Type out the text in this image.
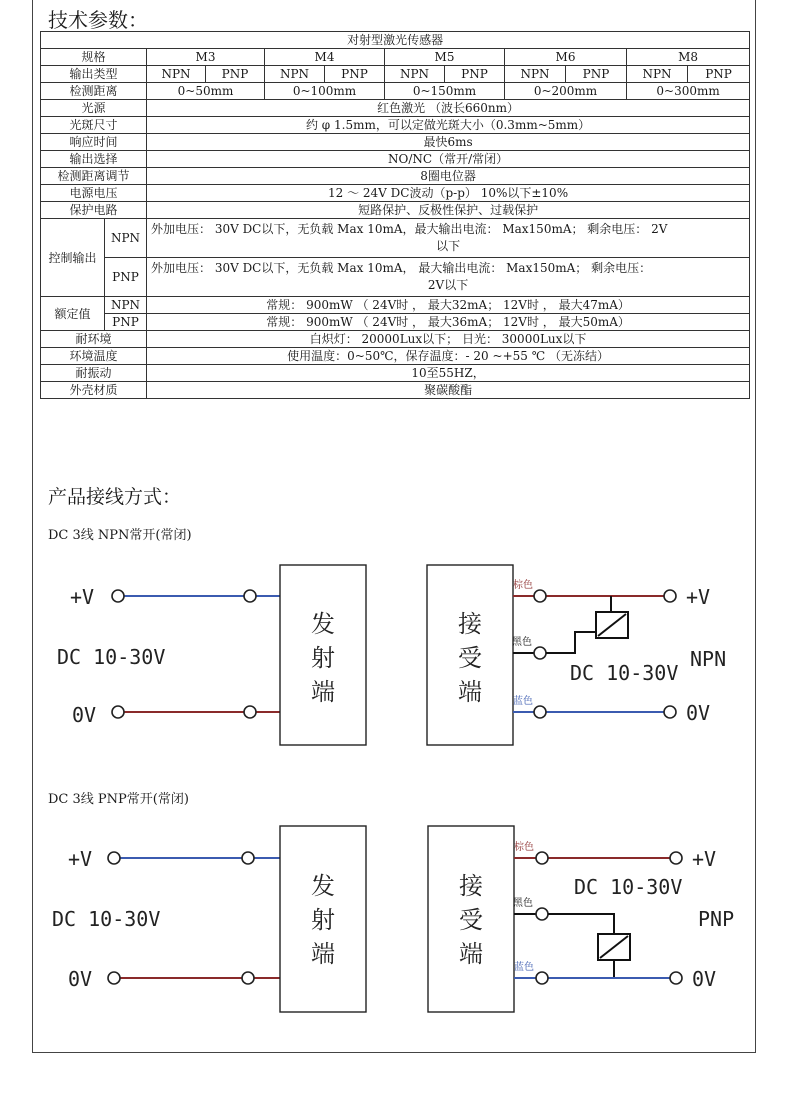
技术参数：
对射型激光传感器											
规格		M3		M4		M5		M6		M8	
输出类型		NPN	PNP	NPN	PNP	NPN	PNP	NPN	PNP	NPN	PNP
检测距离		0~50mm		0~100mm		0~150mm		0~200mm		0~300mm	
光源		红色激光 （波长660nm）									
光斑尺寸		约 φ 1.5mm，可以定做光斑大小（0.3mm~5mm）									
响应时间		最快6ms									
输出选择		NO/NC（常开/常闭）									
检测距离调节		8圈电位器									
电源电压		12 ～ 24V DC波动（p-p） 10%以下±10%									
保护电路		短路保护、反极性保护、过载保护									
控制输出	NPN	外加电压： 30V DC以下，无负载 Max 10mA，最大输出电流： Max150mA； 剩余电压： 2V
以下									

	PNP	外加电压： 30V DC以下，无负载 Max 10mA， 最大输出电流： Max150mA； 剩余电压：
2V以下									

额定值	NPN	常规： 900mW （ 24V时 ， 最大32mA； 12V时 ， 最大47mA）									
	PNP	常规： 900mW （ 24V时 ， 最大36mA； 12V时 ， 最大50mA）									
耐环境		白炽灯： 20000Lux以下； 日光： 30000Lux以下									
环境温度		使用温度：0~50℃，保存温度：- 20 ~+55 ℃ （无冻结）									
耐振动		10至55HZ，									
外壳材质		聚碳酸酯									
产品接线方式：
DC 3线 NPN常开(常闭)
+V
DC 10-30V
0V
发
射
端
接
受
端
棕色	+V
黑色
DC 10-30V
NPN
蓝色	0V
DC 3线 PNP常开(常闭)
+V
DC 10-30V
0V
发
射
端
接
受
端
棕色	+V
DC 10-30V
PNP
黑色
蓝色	0V
